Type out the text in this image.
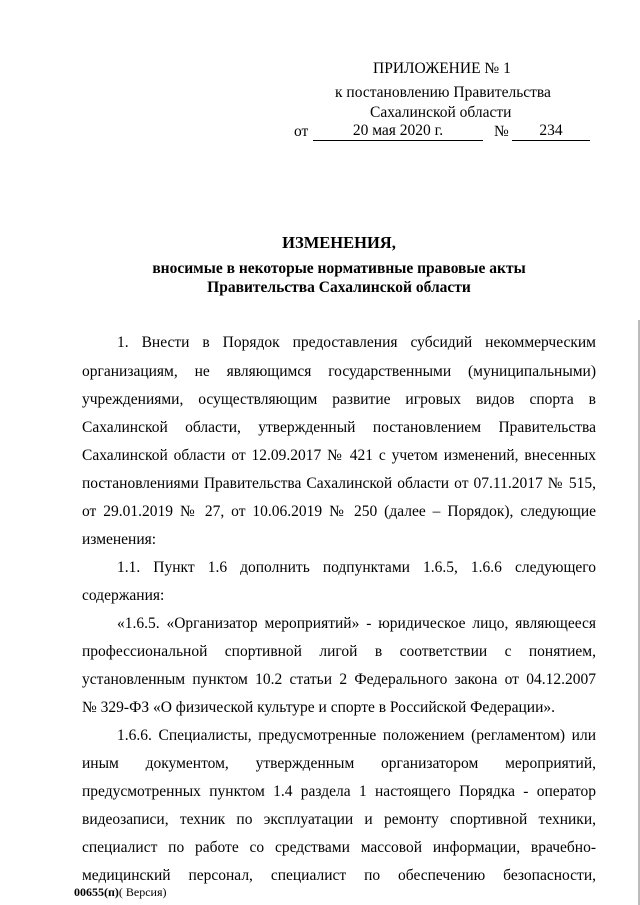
ПРИЛОЖЕНИЕ № 1
к постановлению Правительства
Сахалинской области
от	20 мая 2020 г.	№	234
ИЗМЕНЕНИЯ,
вносимые в некоторые нормативные правовые акты
Правительства Сахалинской области
1. Внести в Порядок предоставления субсидий некоммерческим
организациям, не являющимся государственными (муниципальными)
учреждениями, осуществляющим развитие игровых видов спорта в
Сахалинской области, утвержденный постановлением Правительства
Сахалинской области от 12.09.2017 № 421 с учетом изменений, внесенных
постановлениями Правительства Сахалинской области от 07.11.2017 № 515,
от 29.01.2019 № 27, от 10.06.2019 № 250 (далее – Порядок), следующие
изменения:
1.1. Пункт 1.6 дополнить подпунктами 1.6.5, 1.6.6 следующего
содержания:
«1.6.5. «Организатор мероприятий» - юридическое лицо, являющееся
профессиональной спортивной лигой в соответствии с понятием,
установленным пунктом 10.2 статьи 2 Федерального закона от 04.12.2007
№ 329-ФЗ «О физической культуре и спорте в Российской Федерации».
1.6.6. Специалисты, предусмотренные положением (регламентом) или
иным документом, утвержденным организатором мероприятий,
предусмотренных пунктом 1.4 раздела 1 настоящего Порядка - оператор
видеозаписи, техник по эксплуатации и ремонту спортивной техники,
специалист по работе со средствами массовой информации, врачебно-
медицинский персонал, специалист по обеспечению безопасности,
00655(п)( Версия)
